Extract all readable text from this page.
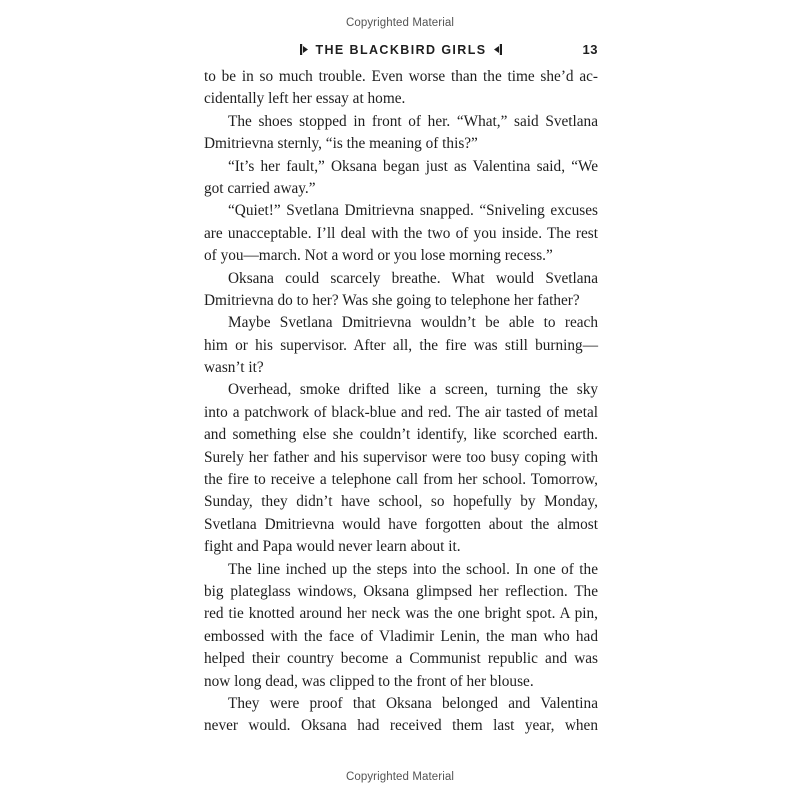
Copyrighted Material
THE BLACKBIRD GIRLS	13

to be in so much trouble. Even worse than the time she’d ac-
cidentally left her essay at home.

The shoes stopped in front of her. “What,” said Svetlana
Dmitrievna sternly, “is the meaning of this?”

“It’s her fault,” Oksana began just as Valentina said, “We
got carried away.”

“Quiet!” Svetlana Dmitrievna snapped. “Sniveling excuses
are unacceptable. I’ll deal with the two of you inside. The rest
of you—march. Not a word or you lose morning recess.”

Oksana could scarcely breathe. What would Svetlana
Dmitrievna do to her? Was she going to telephone her father?

Maybe Svetlana Dmitrievna wouldn’t be able to reach
him or his supervisor. After all, the fire was still burning—
wasn’t it?

Overhead, smoke drifted like a screen, turning the sky
into a patchwork of black-blue and red. The air tasted of metal
and something else she couldn’t identify, like scorched earth.
Surely her father and his supervisor were too busy coping with
the fire to receive a telephone call from her school. Tomorrow,
Sunday, they didn’t have school, so hopefully by Monday,
Svetlana Dmitrievna would have forgotten about the almost
fight and Papa would never learn about it.

The line inched up the steps into the school. In one of the
big plateglass windows, Oksana glimpsed her reflection. The
red tie knotted around her neck was the one bright spot. A pin,
embossed with the face of Vladimir Lenin, the man who had
helped their country become a Communist republic and was
now long dead, was clipped to the front of her blouse.

They were proof that Oksana belonged and Valentina
never would. Oksana had received them last year, when

Copyrighted Material
